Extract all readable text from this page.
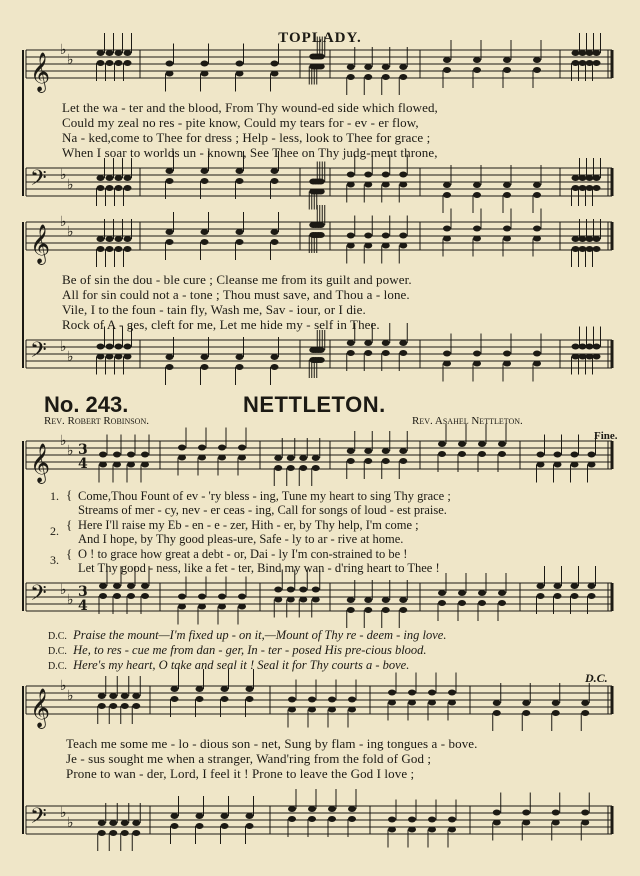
𝄞
♭
♭
𝄢 ♭
♭
𝄞
♭
♭
𝄢 ♭
♭
𝄞
♭
♭
𝄢 ♭
♭
𝄞
♭
♭
𝄢 ♭
♭
3
4
3
4
TOPLADY.
Let the wa - ter and the blood, From Thy wound-ed side which flowed,
Could my zeal no res - pite know, Could my tears for - ev - er flow,
Na - ked,come to Thee for dress ; Help - less, look to Thee for grace ;
When I soar to worlds un - known, See Thee on Thy judg-ment throne,
Be of sin the dou - ble cure ; Cleanse me from its guilt and power.
All for sin could not a - tone ; Thou must save, and Thou a - lone.
Vile, I to the foun - tain fly, Wash me, Sav - iour, or I die.
Rock of A - ges, cleft for me, Let me hide my - self in Thee.
No. 243.	NETTLETON.
Rev. Robert Robinson.	Rev. Asahel Nettleton.
Fine.
1. { Come,Thou Fount of ev - 'ry bless - ing, Tune my heart to sing Thy grace ;
Streams of mer - cy, nev - er ceas - ing, Call for songs of loud - est praise.
2. { Here I'll raise my Eb - en - e - zer, Hith - er, by Thy help, I'm come ;
And I hope, by Thy good pleas-ure, Safe - ly to ar - rive at home.
3. { O ! to grace how great a debt - or, Dai - ly I'm con-strained to be !
Let Thy good - ness, like a fet - ter, Bind my wan - d'ring heart to Thee !
D.C. Praise the mount—I'm fixed up - on it,—Mount of Thy re - deem - ing love.
D.C. He, to res - cue me from dan - ger, In - ter - posed His pre-cious blood.
D.C. Here's my heart, O take and seal it ! Seal it for Thy courts a - bove.
D.C.
Teach me some me - lo - dious son - net, Sung by flam - ing tongues a - bove.
Je - sus sought me when a stranger, Wand'ring from the fold of God ;
Prone to wan - der, Lord, I feel it ! Prone to leave the God I love ;
